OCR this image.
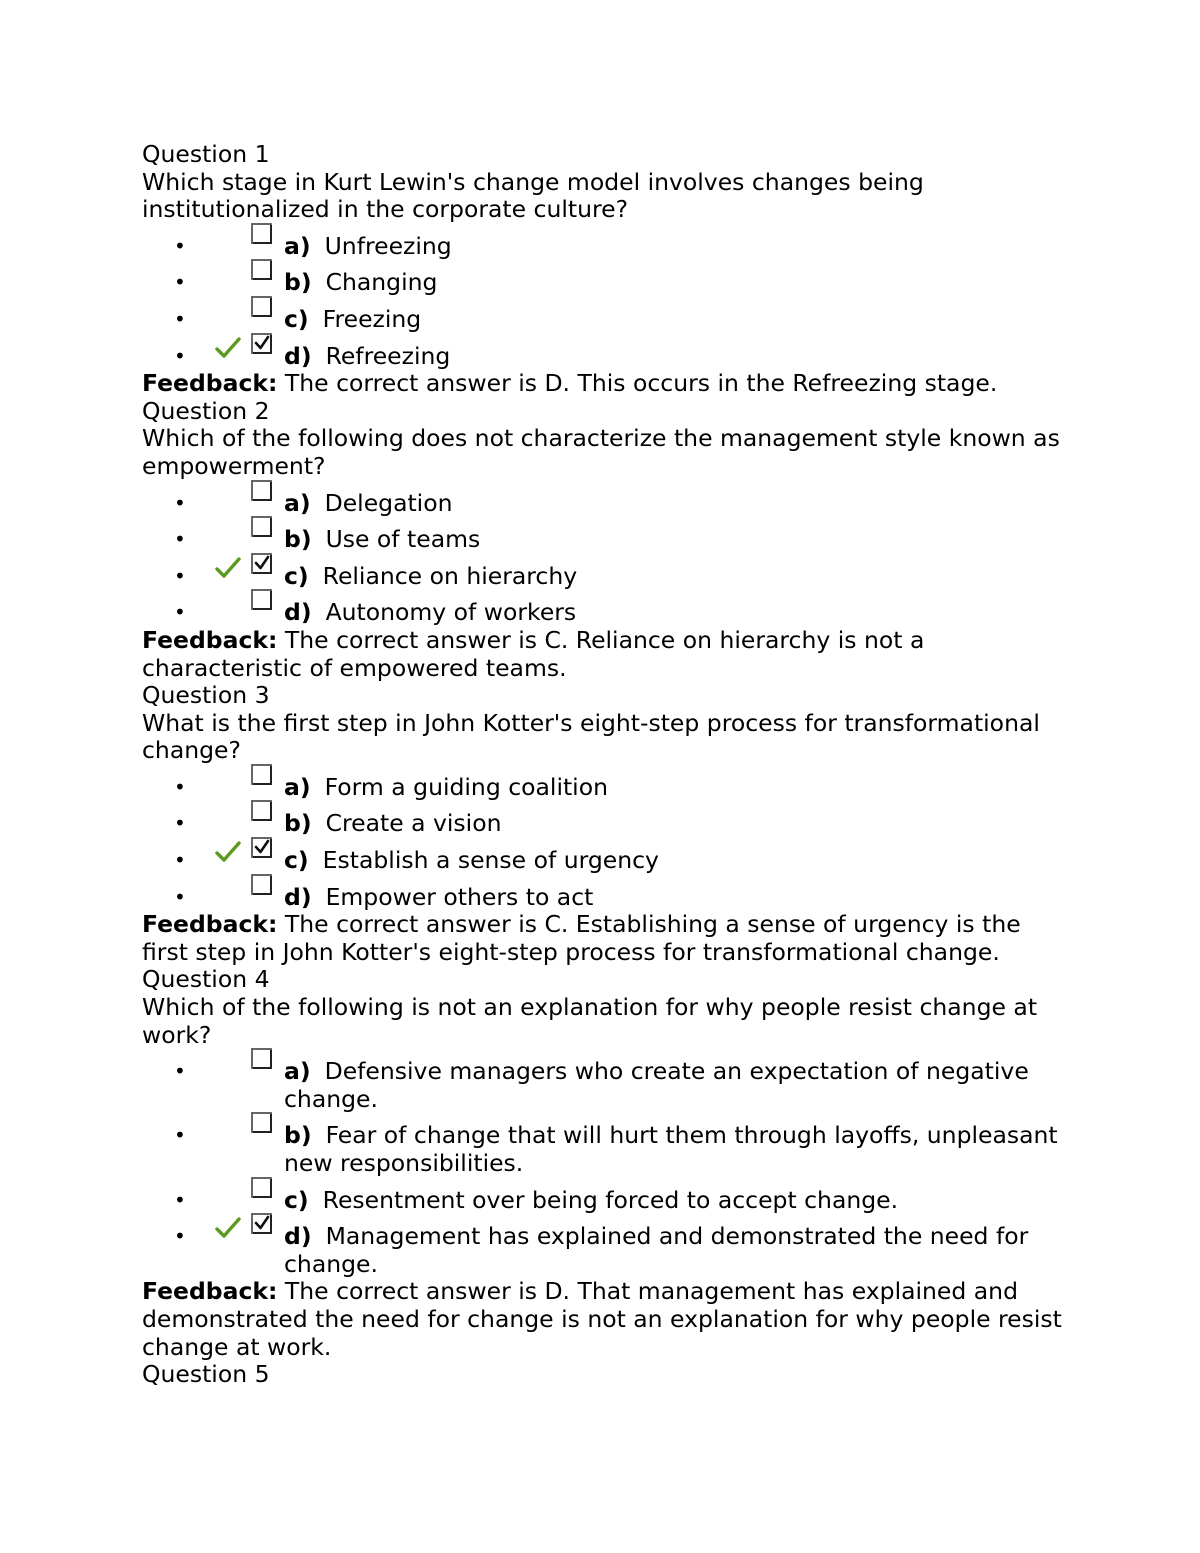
Question 1

Which stage in Kurt Lewin's change model involves changes being institutionalized in the corporate culture?

•	a) Unfreezing
•	b) Changing
•	c) Freezing
•	d) Refreezing

Feedback: The correct answer is D. This occurs in the Refreezing stage.

Question 2

Which of the following does not characterize the management style known as empowerment?

•	a) Delegation
•	b) Use of teams
•	c) Reliance on hierarchy
•	d) Autonomy of workers

Feedback: The correct answer is C. Reliance on hierarchy is not a characteristic of empowered teams.

Question 3

What is the first step in John Kotter's eight-step process for transformational change?

•	a) Form a guiding coalition
•	b) Create a vision
•	c) Establish a sense of urgency
•	d) Empower others to act

Feedback: The correct answer is C. Establishing a sense of urgency is the first step in John Kotter's eight-step process for transformational change.

Question 4

Which of the following is not an explanation for why people resist change at work?

•	a) Defensive managers who create an expectation of negative change.
•	b) Fear of change that will hurt them through layoffs, unpleasant new responsibilities.
•	c) Resentment over being forced to accept change.
•	d) Management has explained and demonstrated the need for change.

Feedback: The correct answer is D. That management has explained and demonstrated the need for change is not an explanation for why people resist change at work.

Question 5
